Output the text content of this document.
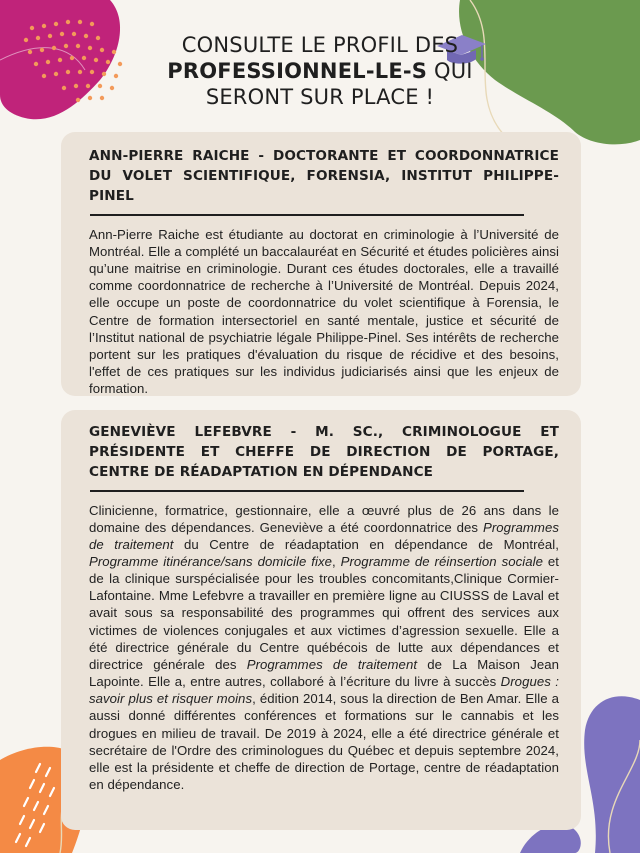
CONSULTE LE PROFIL DES PROFESSIONNEL-LE-S QUI SERONT SUR PLACE !
ANN-PIERRE RAICHE - DOCTORANTE ET COORDONNATRICE DU VOLET SCIENTIFIQUE, FORENSIA, INSTITUT PHILIPPE-PINEL

Ann-Pierre Raiche est étudiante au doctorat en criminologie à l’Université de Montréal. Elle a complété un baccalauréat en Sécurité et études policières ainsi qu’une maitrise en criminologie. Durant ces études doctorales, elle a travaillé comme coordonnatrice de recherche à l’Université de Montréal. Depuis 2024, elle occupe un poste de coordonnatrice du volet scientifique à Forensia, le Centre de formation intersectoriel en santé mentale, justice et sécurité de l’Institut national de psychiatrie légale Philippe-Pinel. Ses intérêts de recherche portent sur les pratiques d'évaluation du risque de récidive et des besoins, l'effet de ces pratiques sur les individus judiciarisés ainsi que les enjeux de formation.

GENEVIÈVE LEFEBVRE - M. SC., CRIMINOLOGUE ET PRÉSIDENTE ET CHEFFE DE DIRECTION DE PORTAGE, CENTRE DE RÉADAPTATION EN DÉPENDANCE

Clinicienne, formatrice, gestionnaire, elle a œuvré plus de 26 ans dans le domaine des dépendances. Geneviève a été coordonnatrice des Programmes de traitement du Centre de réadaptation en dépendance de Montréal, Programme itinérance/sans domicile fixe, Programme de réinsertion sociale et de la clinique surspécialisée pour les troubles concomitants,Clinique Cormier-Lafontaine. Mme Lefebvre a travailler en première ligne au CIUSSS de Laval et avait sous sa responsabilité des programmes qui offrent des services aux victimes de violences conjugales et aux victimes d’agression sexuelle. Elle a été directrice générale du Centre québécois de lutte aux dépendances et directrice générale des Programmes de traitement de La Maison Jean Lapointe. Elle a, entre autres, collaboré à l’écriture du livre à succès Drogues : savoir plus et risquer moins, édition 2014, sous la direction de Ben Amar. Elle a aussi donné différentes conférences et formations sur le cannabis et les drogues en milieu de travail. De 2019 à 2024, elle a été directrice générale et secrétaire de l'Ordre des criminologues du Québec et depuis septembre 2024, elle est la présidente et cheffe de direction de Portage, centre de réadaptation en dépendance.
